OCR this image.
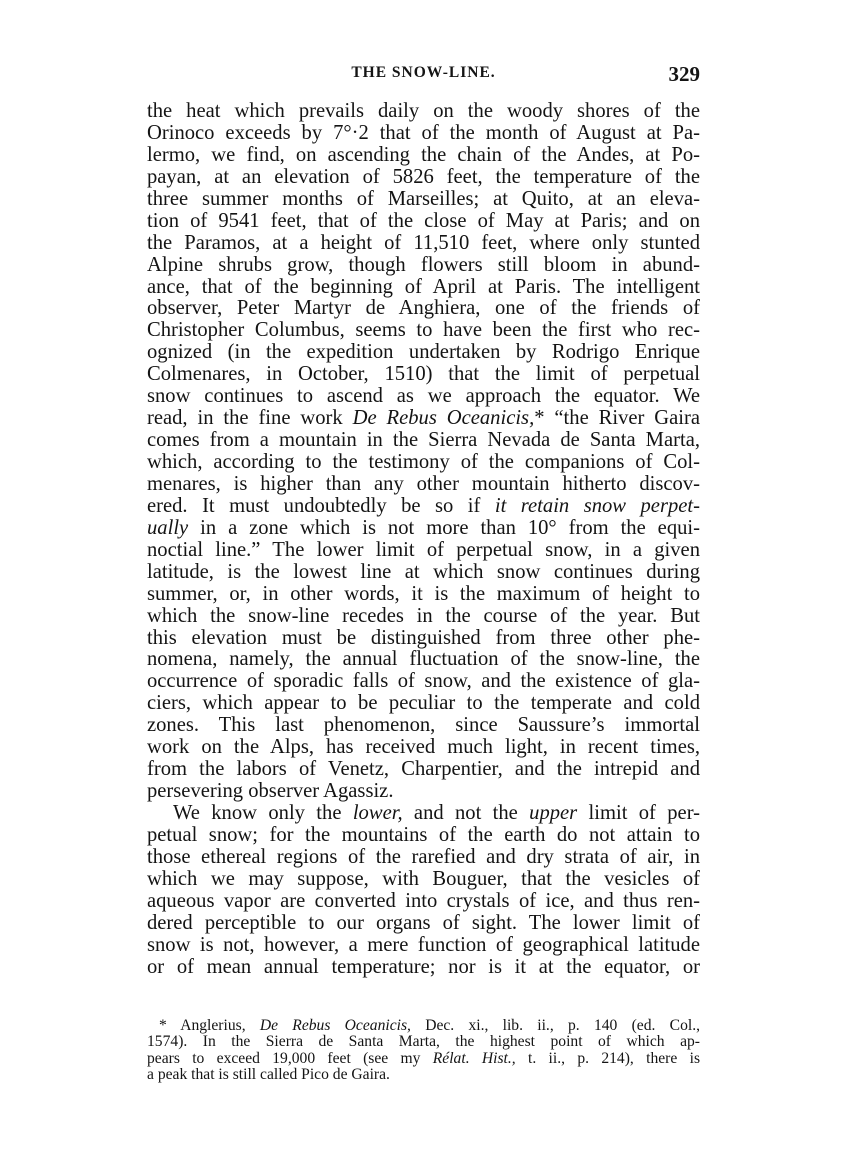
THE SNOW-LINE.	329
the heat which prevails daily on the woody shores of the
Orinoco exceeds by 7°·2 that of the month of August at Pa-
lermo, we find, on ascending the chain of the Andes, at Po-
payan, at an elevation of 5826 feet, the temperature of the
three summer months of Marseilles; at Quito, at an eleva-
tion of 9541 feet, that of the close of May at Paris; and on
the Paramos, at a height of 11,510 feet, where only stunted
Alpine shrubs grow, though flowers still bloom in abund-
ance, that of the beginning of April at Paris. The intelligent
observer, Peter Martyr de Anghiera, one of the friends of
Christopher Columbus, seems to have been the first who rec-
ognized (in the expedition undertaken by Rodrigo Enrique
Colmenares, in October, 1510) that the limit of perpetual
snow continues to ascend as we approach the equator. We
read, in the fine work De Rebus Oceanicis,* “the River Gaira
comes from a mountain in the Sierra Nevada de Santa Marta,
which, according to the testimony of the companions of Col-
menares, is higher than any other mountain hitherto discov-
ered. It must undoubtedly be so if it retain snow perpet-
ually in a zone which is not more than 10° from the equi-
noctial line.” The lower limit of perpetual snow, in a given
latitude, is the lowest line at which snow continues during
summer, or, in other words, it is the maximum of height to
which the snow-line recedes in the course of the year. But
this elevation must be distinguished from three other phe-
nomena, namely, the annual fluctuation of the snow-line, the
occurrence of sporadic falls of snow, and the existence of gla-
ciers, which appear to be peculiar to the temperate and cold
zones. This last phenomenon, since Saussure’s immortal
work on the Alps, has received much light, in recent times,
from the labors of Venetz, Charpentier, and the intrepid and
persevering observer Agassiz.
We know only the lower, and not the upper limit of per-
petual snow; for the mountains of the earth do not attain to
those ethereal regions of the rarefied and dry strata of air, in
which we may suppose, with Bouguer, that the vesicles of
aqueous vapor are converted into crystals of ice, and thus ren-
dered perceptible to our organs of sight. The lower limit of
snow is not, however, a mere function of geographical latitude
or of mean annual temperature; nor is it at the equator, or
* Anglerius, De Rebus Oceanicis, Dec. xi., lib. ii., p. 140 (ed. Col.,
1574). In the Sierra de Santa Marta, the highest point of which ap-
pears to exceed 19,000 feet (see my Rélat. Hist., t. ii., p. 214), there is
a peak that is still called Pico de Gaira.
